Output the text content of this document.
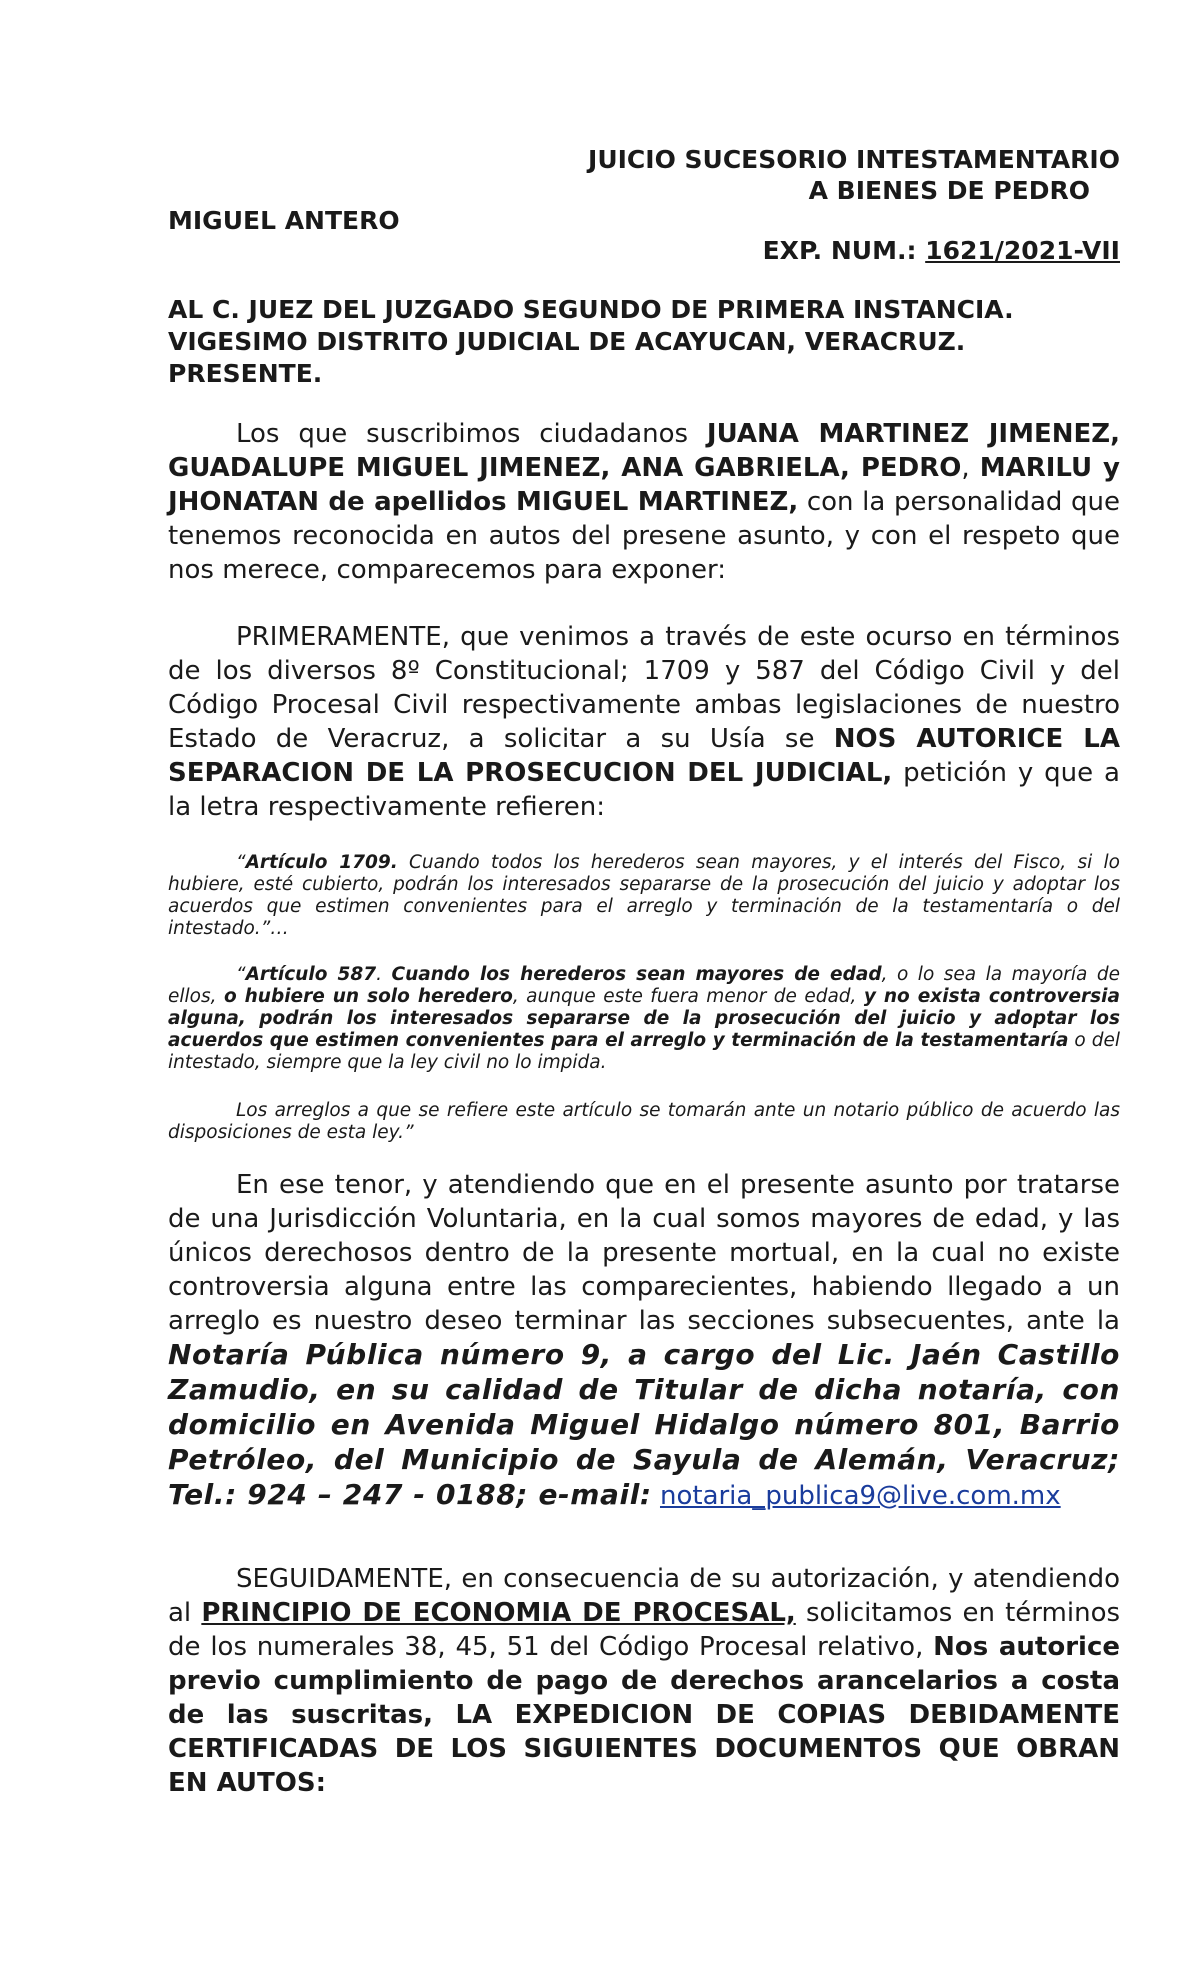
JUICIO SUCESORIO INTESTAMENTARIO
A BIENES DE PEDRO
MIGUEL ANTERO
EXP. NUM.: 1621/2021-VII
AL C. JUEZ DEL JUZGADO SEGUNDO DE PRIMERA INSTANCIA.
VIGESIMO DISTRITO JUDICIAL DE ACAYUCAN, VERACRUZ.
PRESENTE.

Los que suscribimos ciudadanos JUANA MARTINEZ JIMENEZ, GUADALUPE MIGUEL JIMENEZ, ANA GABRIELA, PEDRO, MARILU y JHONATAN de apellidos MIGUEL MARTINEZ, con la personalidad que tenemos reconocida en autos del presene asunto, y con el respeto que nos merece, comparecemos para exponer:

PRIMERAMENTE, que venimos a través de este ocurso en términos de los diversos 8º Constitucional; 1709 y 587 del Código Civil y del Código Procesal Civil respectivamente ambas legislaciones de nuestro Estado de Veracruz, a solicitar a su Usía se NOS AUTORICE LA SEPARACION DE LA PROSECUCION DEL JUDICIAL, petición y que a la letra respectivamente refieren:

“Artículo 1709. Cuando todos los herederos sean mayores, y el interés del Fisco, si lo hubiere, esté cubierto, podrán los interesados separarse de la prosecución del juicio y adoptar los acuerdos que estimen convenientes para el arreglo y terminación de la testamentaría o del intestado.”…

“Artículo 587. Cuando los herederos sean mayores de edad, o lo sea la mayoría de ellos, o hubiere un solo heredero, aunque este fuera menor de edad, y no exista controversia alguna, podrán los interesados separarse de la prosecución del juicio y adoptar los acuerdos que estimen convenientes para el arreglo y terminación de la testamentaría o del intestado, siempre que la ley civil no lo impida.

Los arreglos a que se refiere este artículo se tomarán ante un notario público de acuerdo las disposiciones de esta ley.”

En ese tenor, y atendiendo que en el presente asunto por tratarse de una Jurisdicción Voluntaria, en la cual somos mayores de edad, y las únicos derechosos dentro de la presente mortual, en la cual no existe controversia alguna entre las comparecientes, habiendo llegado a un arreglo es nuestro deseo terminar las secciones subsecuentes, ante la Notaría Pública número 9, a cargo del Lic. Jaén Castillo Zamudio, en su calidad de Titular de dicha notaría, con domicilio en Avenida Miguel Hidalgo número 801, Barrio Petróleo, del Municipio de Sayula de Alemán, Veracruz; Tel.: 924 – 247 - 0188; e-mail: notaria_publica9@live.com.mx

SEGUIDAMENTE, en consecuencia de su autorización, y atendiendo al PRINCIPIO DE ECONOMIA DE PROCESAL, solicitamos en términos de los numerales 38, 45, 51 del Código Procesal relativo, Nos autorice previo cumplimiento de pago de derechos arancelarios a costa de las suscritas, LA EXPEDICION DE COPIAS DEBIDAMENTE CERTIFICADAS DE LOS SIGUIENTES DOCUMENTOS QUE OBRAN EN AUTOS:
